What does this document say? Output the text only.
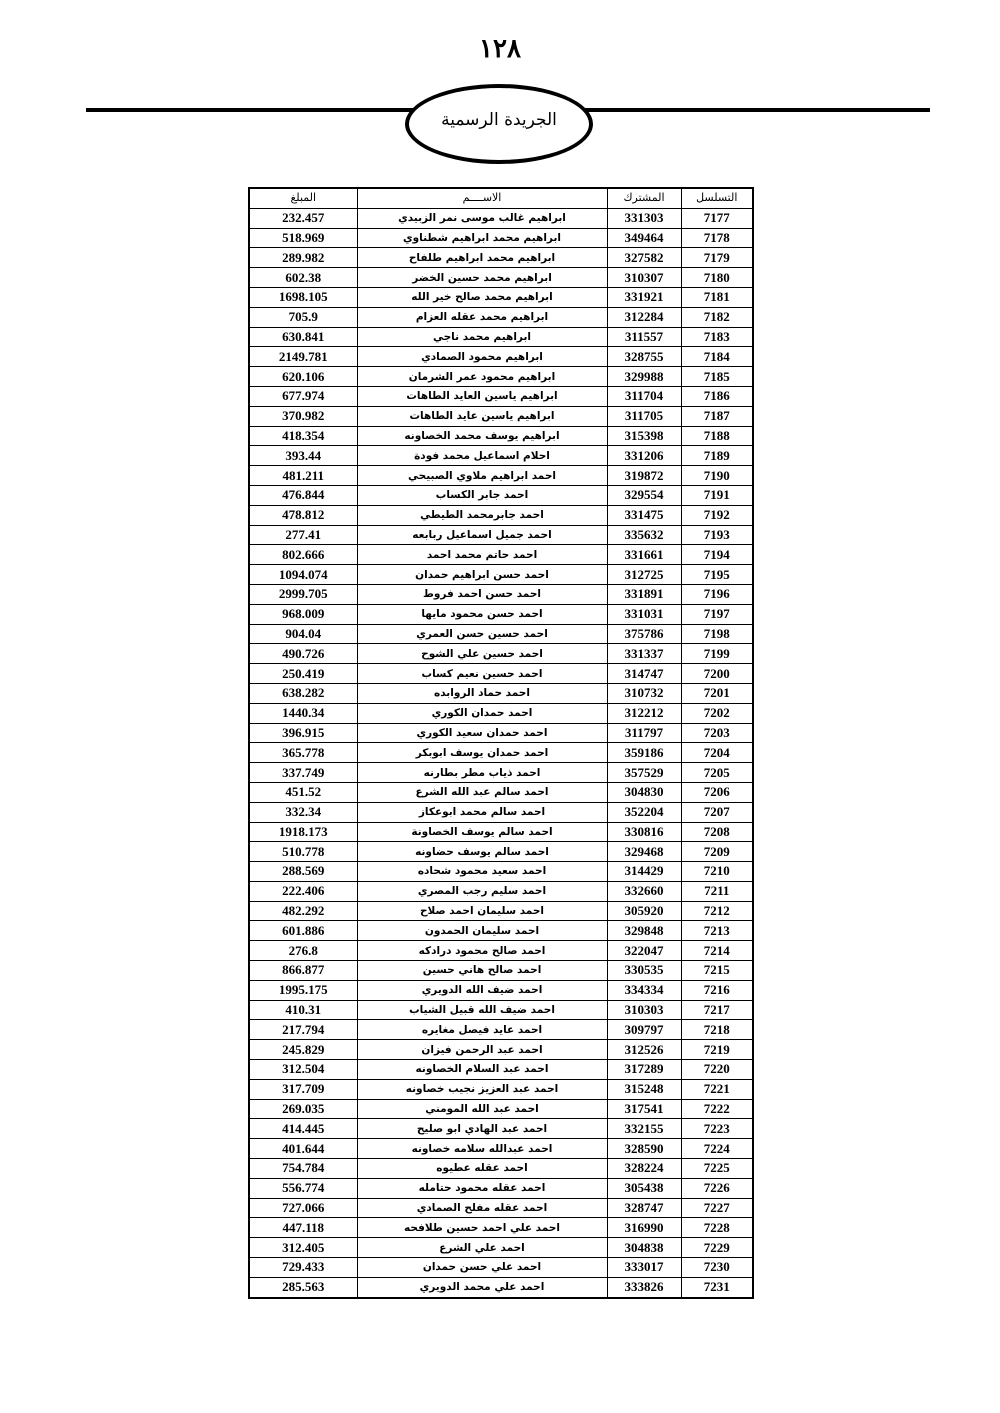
١٢٨
الجريدة الرسمية
المبلغ	الاســــم	المشترك	التسلسل
232.457	ابراهيم غالب موسى نمر الزبيدي	331303	7177
518.969	ابراهيم محمد ابراهيم شطناوي	349464	7178
289.982	ابراهيم محمد ابراهيم طلفاح	327582	7179
602.38	ابراهيم محمد حسين الخضر	310307	7180
1698.105	ابراهيم محمد صالح خير الله	331921	7181
705.9	ابراهيم محمد عقله العزام	312284	7182
630.841	ابراهيم محمد ناجي	311557	7183
2149.781	ابراهيم محمود الصمادي	328755	7184
620.106	ابراهيم محمود عمر الشرمان	329988	7185
677.974	ابراهيم ياسين العايد الطاهات	311704	7186
370.982	ابراهيم ياسين عايد الطاهات	311705	7187
418.354	ابراهيم يوسف محمد الخصاونه	315398	7188
393.44	احلام اسماعيل محمد فودة	331206	7189
481.211	احمد ابراهيم ملاوي الصبيحي	319872	7190
476.844	احمد جابر الكساب	329554	7191
478.812	احمد جابرمحمد الطيطي	331475	7192
277.41	احمد جميل اسماعيل ربابعه	335632	7193
802.666	احمد حاتم محمد احمد	331661	7194
1094.074	احمد حسن ابراهيم حمدان	312725	7195
2999.705	احمد حسن احمد فروط	331891	7196
968.009	احمد حسن محمود مايها	331031	7197
904.04	احمد حسين حسن العمري	375786	7198
490.726	احمد حسين علي الشوح	331337	7199
250.419	احمد حسين نعيم كساب	314747	7200
638.282	احمد حماد الروابده	310732	7201
1440.34	احمد حمدان الكوري	312212	7202
396.915	احمد حمدان سعيد الكوري	311797	7203
365.778	احمد حمدان يوسف ابوبكر	359186	7204
337.749	احمد ذياب مطر بطارنه	357529	7205
451.52	احمد سالم عبد الله الشرع	304830	7206
332.34	احمد سالم محمد ابوعكاز	352204	7207
1918.173	احمد سالم يوسف الخصاونة	330816	7208
510.778	احمد سالم يوسف حضاونه	329468	7209
288.569	احمد سعيد محمود شحاده	314429	7210
222.406	احمد سليم رجب المصري	332660	7211
482.292	احمد سليمان احمد صلاح	305920	7212
601.886	احمد سليمان الحمدون	329848	7213
276.8	احمد صالح محمود درادكه	322047	7214
866.877	احمد صالح هاني حسين	330535	7215
1995.175	احمد ضيف الله الدويري	334334	7216
410.31	احمد ضيف الله قبيل الشياب	310303	7217
217.794	احمد عايد فيصل مغايره	309797	7218
245.829	احمد عبد الرحمن فيزان	312526	7219
312.504	احمد عبد السلام الخصاونه	317289	7220
317.709	احمد عبد العزيز نجيب خصاونه	315248	7221
269.035	احمد عبد الله المومني	317541	7222
414.445	احمد عبد الهادي ابو صليح	332155	7223
401.644	احمد عبدالله سلامه خصاونه	328590	7224
754.784	احمد عقله عطيوه	328224	7225
556.774	احمد عقله محمود حتامله	305438	7226
727.066	احمد عقله مفلح الصمادي	328747	7227
447.118	احمد علي احمد حسين طلافحه	316990	7228
312.405	احمد علي الشرع	304838	7229
729.433	احمد علي حسن حمدان	333017	7230
285.563	احمد علي محمد الدويري	333826	7231
